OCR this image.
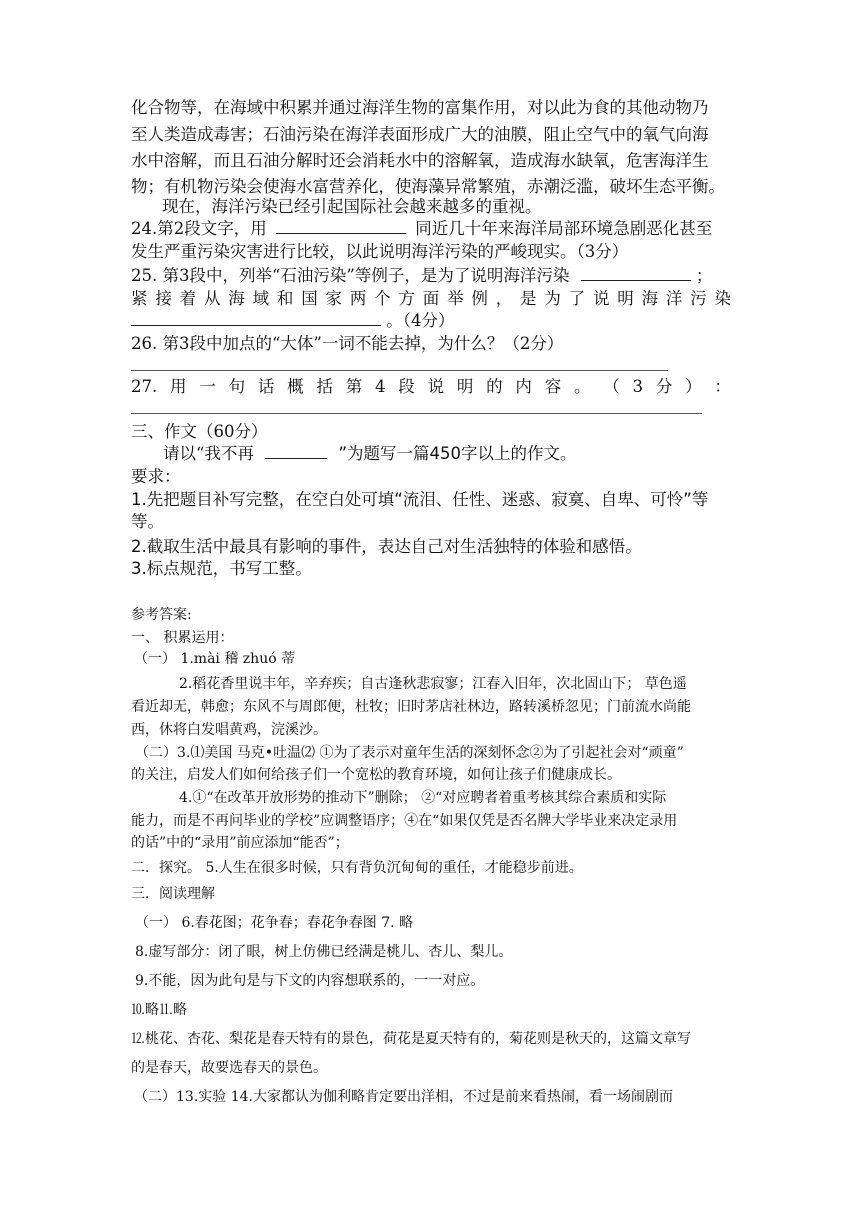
化合物等，在海域中积累并通过海洋生物的富集作用，对以此为食的其他动物乃
至人类造成毒害；石油污染在海洋表面形成广大的油膜，阻止空气中的氧气向海
水中溶解，而且石油分解时还会消耗水中的溶解氧，造成海水缺氧，危害海洋生
物；有机物污染会使海水富营养化，使海藻异常繁殖，赤潮泛滥，破坏生态平衡。
现在，海洋污染已经引起国际社会越来越多的重视。
24.第2段文字，用	同近几十年来海洋局部环境急剧恶化甚至
发生严重污染灾害进行比较，以此说明海洋污染的严峻现实。（3分）
25. 第3段中，列举“石油污染”等例子，是为了说明海洋污染	；
紧 接 着 从 海 域 和 国 家 两 个 方 面 举 例 ， 是 为 了 说 明 海 洋 污 染
。（4分）
26. 第3段中加点的“大体”一词不能去掉，为什么？（2分）
27. 用 一 句 话 概 括 第 4 段 说 明 的 内 容 。 （ 3 分 ） ：
三、作文（60分）
请以“我不再	”为题写一篇450字以上的作文。
要求：
1.先把题目补写完整，在空白处可填“流泪、任性、迷惑、寂寞、自卑、可怜”等
等。
2.截取生活中最具有影响的事件，表达自己对生活独特的体验和感悟。
3.标点规范，书写工整。
参考答案:
一、 积累运用：
（一） 1.mài 稽 zhuó 蒂
2.稻花香里说丰年，辛弃疾；自古逢秋悲寂寥；江春入旧年，次北固山下； 草色遥
看近却无，韩愈；东风不与周郎便，杜牧；旧时茅店社林边，路转溪桥忽见；门前流水尚能
西，休将白发唱黄鸡，浣溪沙。
（二）3.⑴美国 马克•吐温⑵ ①为了表示对童年生活的深刻怀念②为了引起社会对“顽童”
的关注，启发人们如何给孩子们一个宽松的教育环境，如何让孩子们健康成长。
4.①“在改革开放形势的推动下”删除； ②“对应聘者着重考核其综合素质和实际
能力，而是不再问毕业的学校”应调整语序；④在“如果仅凭是否名牌大学毕业来决定录用
的话”中的“录用”前应添加“能否”；
二．探究。 5.人生在很多时候，只有背负沉甸甸的重任，才能稳步前进。
三．阅读理解
（一） 6.春花图；花争春；春花争春图 7. 略
8.虚写部分：闭了眼，树上仿佛已经满是桃儿、杏儿、梨儿。
9.不能，因为此句是与下文的内容想联系的，一一对应。
⒑略⒒略
⒓桃花、杏花、梨花是春天特有的景色，荷花是夏天特有的，菊花则是秋天的，这篇文章写
的是春天，故要选春天的景色。
（二）13.实验 14.大家都认为伽利略肯定要出洋相，不过是前来看热闹，看一场闹剧而
